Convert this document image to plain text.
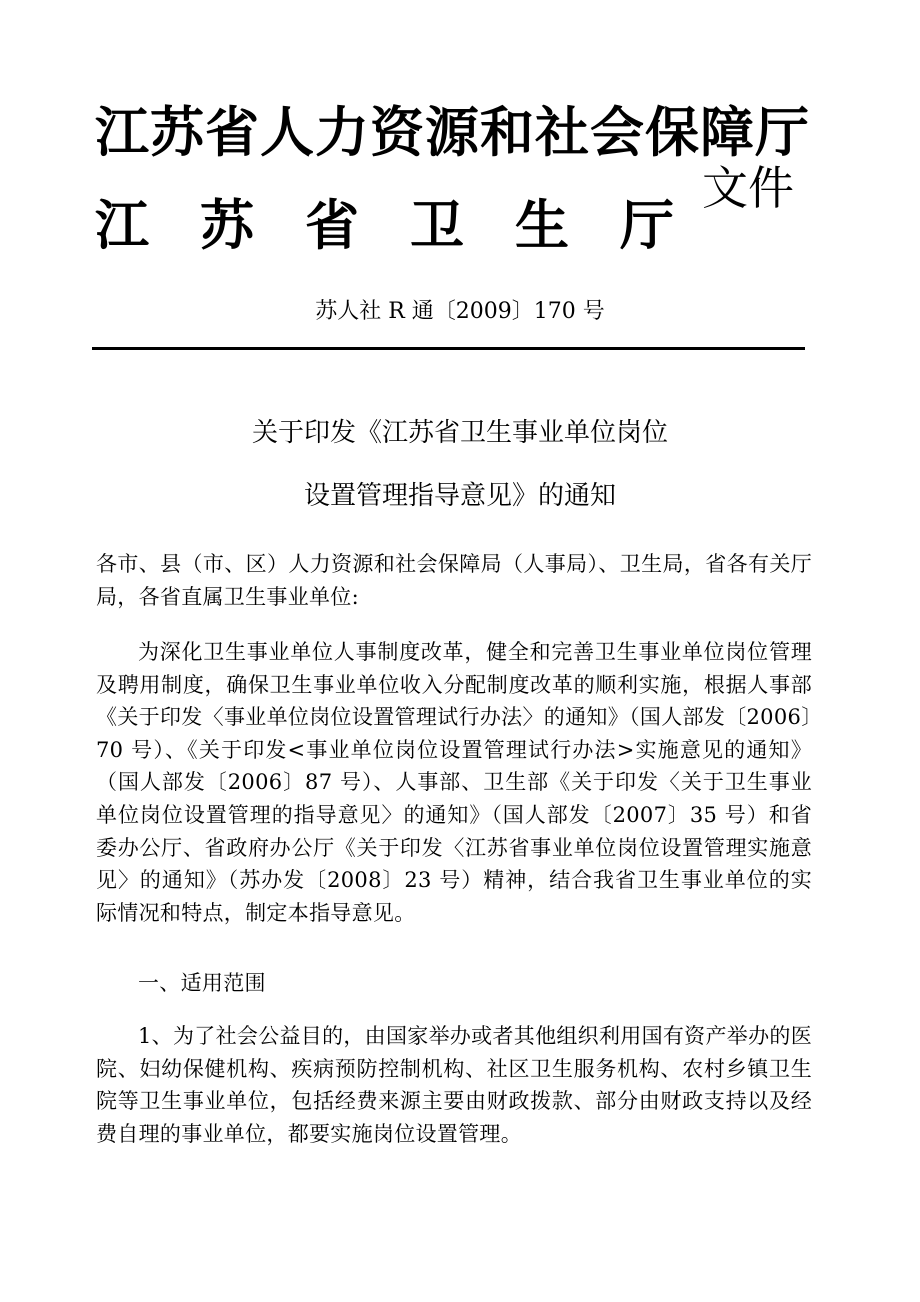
江苏省人力资源和社会保障厅
江苏省卫生厅
文件
苏人社 R 通〔2009〕170 号
关于印发《江苏省卫生事业单位岗位
设置管理指导意见》的通知
各市、县（市、区）人力资源和社会保障局（人事局）、卫生局，省各有关厅局，各省直属卫生事业单位:
为深化卫生事业单位人事制度改革，健全和完善卫生事业单位岗位管理及聘用制度，确保卫生事业单位收入分配制度改革的顺利实施，根据人事部《关于印发〈事业单位岗位设置管理试行办法〉的通知》（国人部发〔2006〕70 号）、《关于印发<事业单位岗位设置管理试行办法>实施意见的通知》（国人部发〔2006〕87 号）、人事部、卫生部《关于印发〈关于卫生事业单位岗位设置管理的指导意见〉的通知》（国人部发〔2007〕35 号）和省委办公厅、省政府办公厅《关于印发〈江苏省事业单位岗位设置管理实施意见〉的通知》（苏办发〔2008〕23 号）精神，结合我省卫生事业单位的实际情况和特点，制定本指导意见。
一、适用范围
1、为了社会公益目的，由国家举办或者其他组织利用国有资产举办的医院、妇幼保健机构、疾病预防控制机构、社区卫生服务机构、农村乡镇卫生院等卫生事业单位，包括经费来源主要由财政拨款、部分由财政支持以及经费自理的事业单位，都要实施岗位设置管理。
